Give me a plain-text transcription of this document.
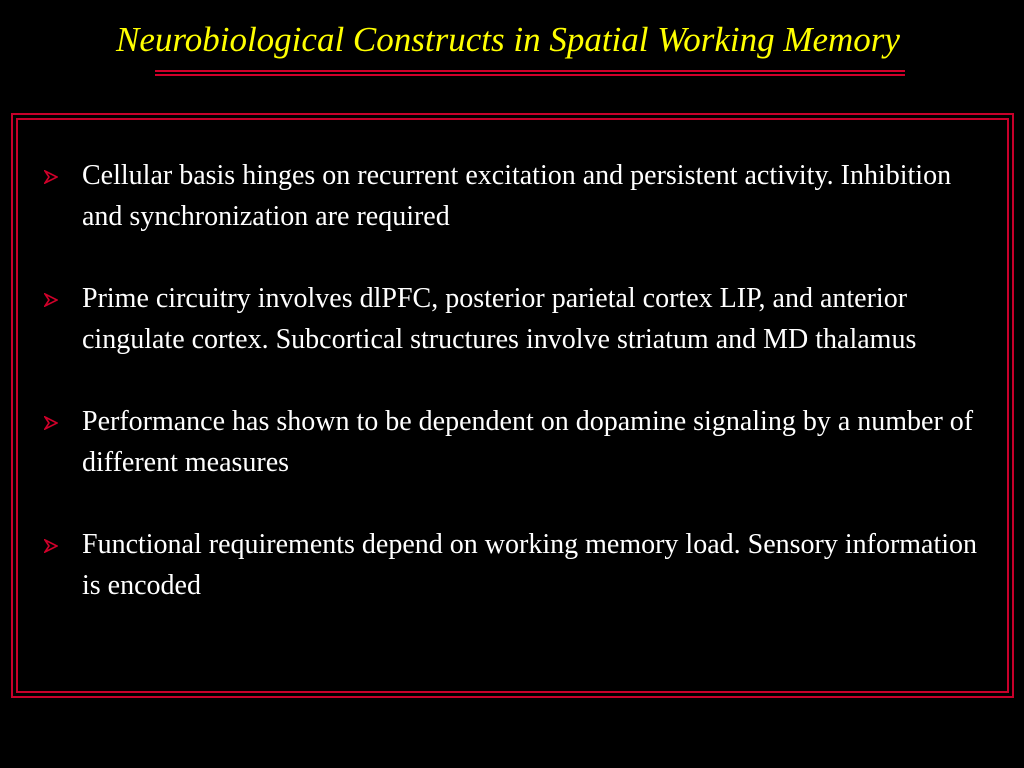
Neurobiological Constructs in Spatial Working Memory
Cellular basis hinges on recurrent excitation and persistent activity. Inhibition and synchronization are required
Prime circuitry involves dlPFC, posterior parietal cortex LIP, and anterior cingulate cortex. Subcortical structures involve striatum and MD thalamus
Performance has shown to be dependent on dopamine signaling by a number of different measures
Functional requirements depend on working memory load. Sensory information is encoded
